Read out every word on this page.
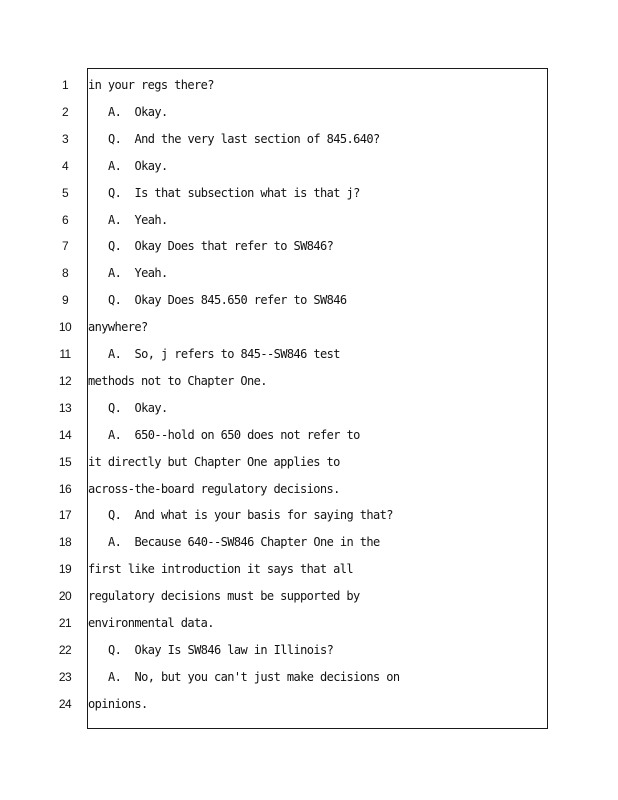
1	in your regs there?
2	A.  Okay.
3	Q.  And the very last section of 845.640?
4	A.  Okay.
5	Q.  Is that subsection what is that j?
6	A.  Yeah.
7	Q.  Okay Does that refer to SW846?
8	A.  Yeah.
9	Q.  Okay Does 845.650 refer to SW846
10 anywhere?
11	A.  So, j refers to 845--SW846 test
12 methods not to Chapter One.
13	Q.  Okay.
14	A.  650--hold on 650 does not refer to
15 it directly but Chapter One applies to
16 across-the-board regulatory decisions.
17	Q.  And what is your basis for saying that?
18	A.  Because 640--SW846 Chapter One in the
19 first like introduction it says that all
20 regulatory decisions must be supported by
21 environmental data.
22	Q.  Okay Is SW846 law in Illinois?
23	A.  No, but you can't just make decisions on
24 opinions.
